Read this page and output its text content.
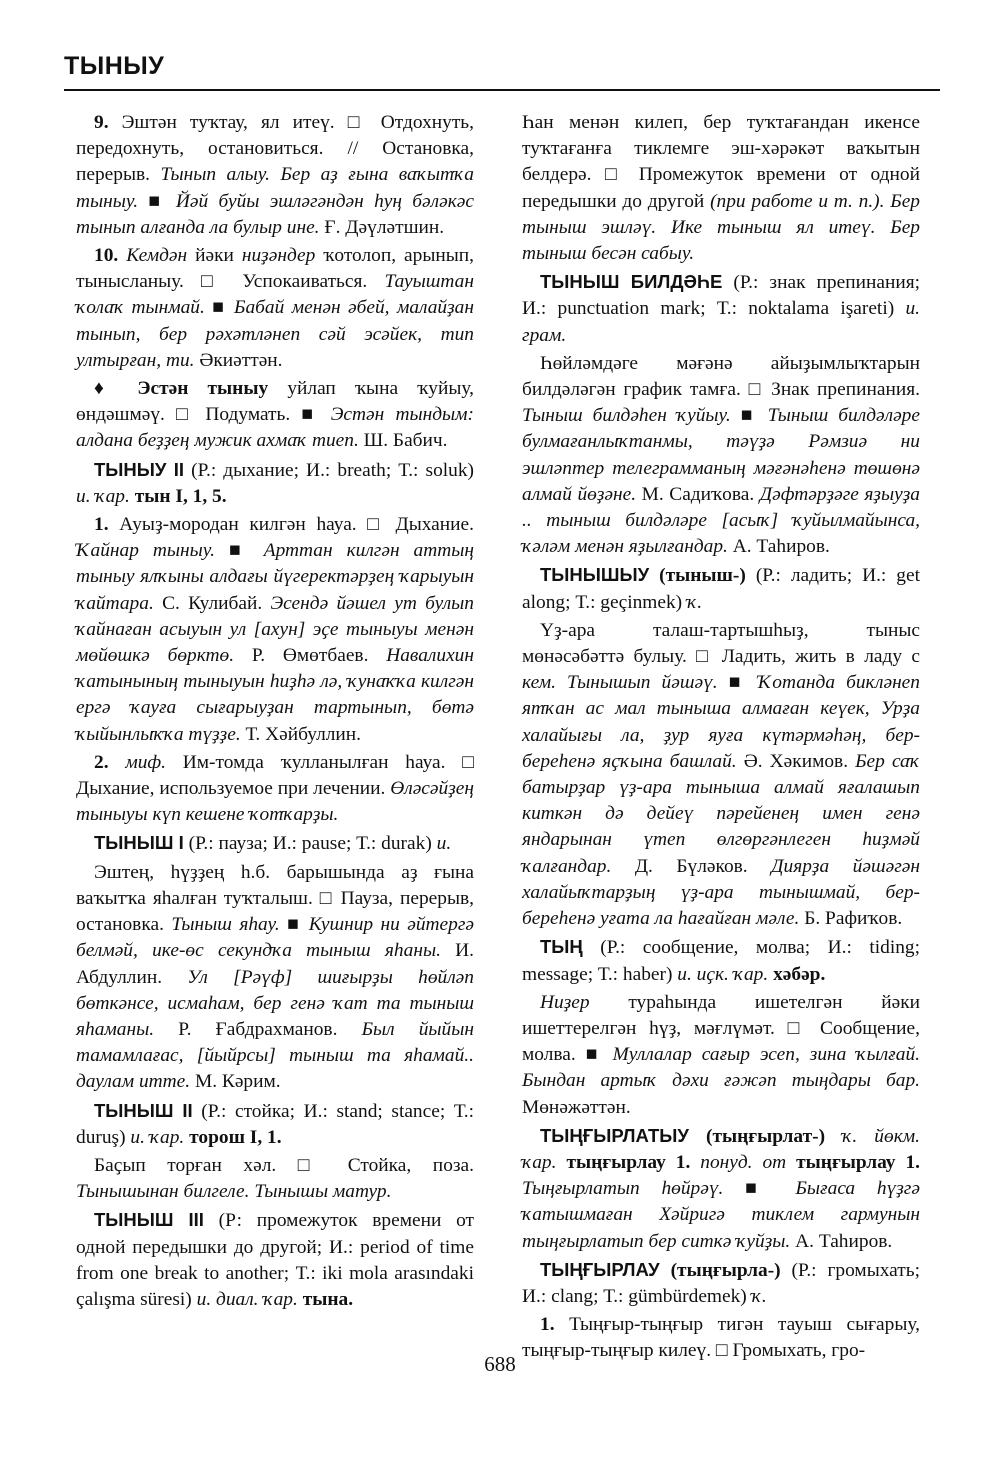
ТЫНЫУ

9. Эштән туҡтау, ял итеү. □ Отдохнуть, передохнуть, остановиться. // Остановка, перерыв. Тынып алыу. Бер аҙ ғына ваҡытҡа тыныу. ■ Йәй буйы эшләгәндән һуң бәләкәс тынып алғанда ла булыр ине. Ғ. Дәүләтшин.

10. Кемдән йәки ниҙәндер ҡотолоп, арынып, тынысланыу. □ Успокаиваться. Тауыштан ҡолаҡ тынмай. ■ Бабай менән әбей, малайҙан тынып, бер рәхәтләнеп сәй эсәйек, тип ултырған, ти. Әкиәттән.

♦ Эстән тыныу уйлап ҡына ҡуйыу, өндәшмәү. □ Подумать. ■ Эстән тындым: алдана беҙҙең мужик ахмаҡ тиеп. Ш. Бабич.

ТЫНЫУ II (Р.: дыхание; И.: breath; Т.: soluk) и. ҡар. тын I, 1, 5.

1. Ауыҙ-мородан килгән һауа. □ Дыхание. Ҡайнар тыныу. ■ Арттан килгән аттың тыныу ялҡыны алдағы йүгеректәрҙең ҡарыуын ҡайтара. С. Кулибай. Эсендә йәшел ут булып ҡайнаған асыуын ул [ахун] эҫе тыныуы менән мөйөшкә бөрктө. Р. Өмөтбаев. Навалихин ҡатынының тыныуын һиҙһә лә, ҡунаҡҡа килгән ергә ҡауға сығарыуҙан тартынып, бөтә ҡыйынлыҡҡа түҙҙе. Т. Хәйбуллин.

2. миф. Им-томда ҡулланылған һауа. □ Дыхание, используемое при лечении. Өләсәйҙең тыныуы күп кешене ҡотҡарҙы.

ТЫНЫШ I (Р.: пауза; И.: pause; Т.: durak) и.

Эштең, һүҙҙең һ.б. барышында аҙ ғына ваҡытҡа яһалған туҡталыш. □ Пауза, перерыв, остановка. Тыныш яһау. ■ Кушнир ни әйтергә белмәй, ике-өс секундҡа тыныш яһаны. И. Абдуллин. Ул [Рәүф] шиғырҙы һөйләп бөткәнсе, исмаһам, бер генә ҡат та тыныш яһаманы. Р. Ғабдрахманов. Был йыйын тамамлағас, [йыйрсы] тыныш та яһамай.. даулам итте. М. Кәрим.

ТЫНЫШ II (Р.: стойка; И.: stand; stance; Т.: duruş) и. ҡар. торош I, 1.

Баҫып торған хәл. □ Стойка, поза. Тынышынан билгеле. Тынышы матур.

ТЫНЫШ III (Р: промежуток времени от одной передышки до другой; И.: period of time from one break to another; Т.: iki mola arasındaki çalışma süresi) и. диал. ҡар. тына.

Һан менән килеп, бер туҡтағандан икенсе туҡтағанға тиклемге эш-хәрәкәт ваҡытын белдерә. □ Промежуток времени от одной передышки до другой (при работе и т. п.). Бер тыныш эшләү. Ике тыныш ял итеү. Бер тыныш бесән сабыу.

ТЫНЫШ БИЛДӘҺЕ (Р.: знак препинания; И.: punctuation mark; Т.: noktalama işareti) и. грам.

Һөйләмдәге мәғәнә айыҙымлыҡтарын билдәләгән график тамға. □ Знак препинания. Тыныш билдәһен ҡуйыу. ■ Тыныш билдәләре булмағанлыҡтанмы, тәүҙә Рәмзиә ни эшләптер телеграмманың мәғәнәһенә төшөнә алмай йөҙәне. М. Садиҡова. Дәфтәрҙәге яҙыуҙа .. тыныш билдәләре [асыҡ] ҡуйылмайынса, ҡәләм менән яҙылғандар. А. Таһиров.

ТЫНЫШЫУ (тыныш-) (Р.: ладить; И.: get along; Т.: geçinmek) ҡ.

Үҙ-ара талаш-тартышһыҙ, тыныс мөнәсәбәттә булыу. □ Ладить, жить в ладу с кем. Тынышып йәшәү. ■ Ҡотанда бикләнеп ятҡан ас мал тыныша алмаған кеүек, Урҙа халайығы ла, ҙур яуға күтәрмәһәң, бер-береһенә яҫҡына башлай. Ә. Хәкимов. Бер саҡ батырҙар үҙ-ара тыныша алмай яғалашып киткән дә дейеү пәрейенең имен генә яндарынан үтеп өлгөргәнлеген һиҙмәй ҡалғандар. Д. Бүләков. Диярҙа йәшәгән халайыҡтарҙың үҙ-ара тынышмай, бер-береһенә уғата ла һағайған мәле. Б. Рафиҡов.

ТЫҢ (Р.: сообщение, молва; И.: tiding; message; Т.: haber) и. иҫк. ҡар. хәбәр.

Ниҙер тураһында ишетелгән йәки ишеттерелгән һүҙ, мәғлүмәт. □ Сообщение, молва. ■ Муллалар сағыр эсеп, зина ҡылғай. Бындан артыҡ дәхи ғәжәп тыңдары бар. Мөнәжәттән.

ТЫҢҒЫРЛАТЫУ (тыңғырлат-) ҡ. йөкм. ҡар. тыңғырлау 1. понуд. от тыңғырлау 1. Тыңғырлатып һөйрәү. ■ Бығаса һүҙгә ҡатышмаған Хәйригә тиклем гармунын тыңғырлатып бер ситкә ҡуйҙы. А. Таһиров.

ТЫҢҒЫРЛАУ (тыңғырла-) (Р.: громыхать; И.: clang; Т.: gümbürdemek) ҡ.

1. Тыңғыр-тыңғыр тигән тауыш сығарыу, тыңғыр-тыңғыр килеү. □ Громыхать, гро-

688
